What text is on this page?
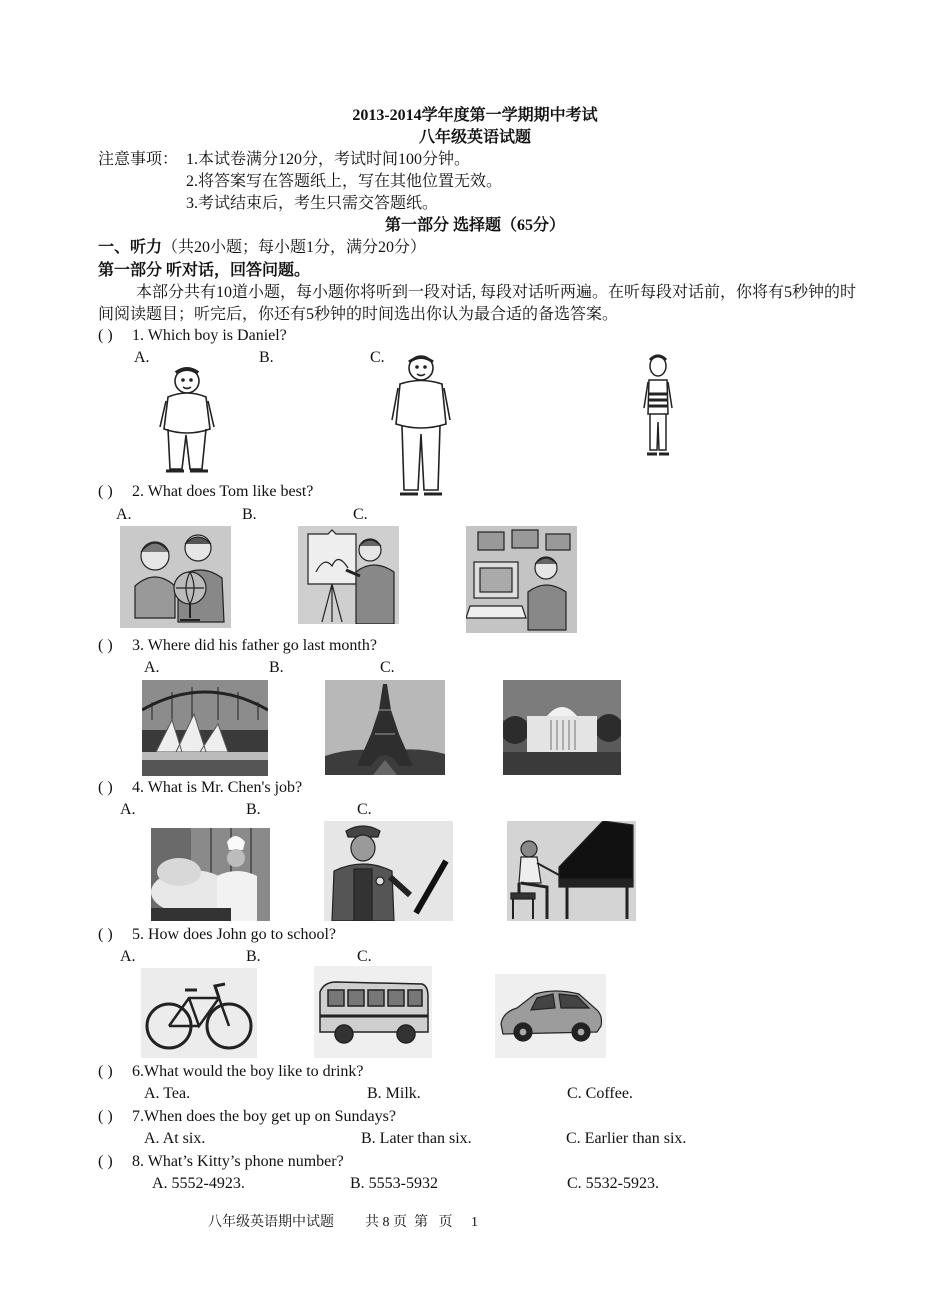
2013-2014学年度第一学期期中考试
八年级英语试题
注意事项： 1.本试卷满分120分，考试时间100分钟。
2.将答案写在答题纸上，写在其他位置无效。
3.考试结束后，考生只需交答题纸。
第一部分 选择题（65分）
一、听力（共20小题；每小题1分，满分20分）
第一部分 听对话，回答问题。
本部分共有10道小题，每小题你将听到一段对话, 每段对话听两遍。在听每段对话前，你将有5秒钟的时间阅读题目；听完后，你还有5秒钟的时间选出你认为最合适的备选答案。
( ) 1. Which boy is Daniel?
A.	B.	C.
( ) 2. What does Tom like best?
A.	B.	C.
( ) 3. Where did his father go last month?
A.	B.	C.
( ) 4. What is Mr. Chen's job?
A.	B.	C.
( ) 5. How does John go to school?
A.	B.	C.
( ) 6.What would the boy like to drink?
A. Tea.	B. Milk.	C. Coffee.
( ) 7.When does the boy get up on Sundays?
A. At six.	B. Later than six.	C. Earlier than six.
( ) 8. What’s Kitty’s phone number?
A. 5552-4923.	B. 5553-5932	C. 5532-5923.
八年级英语期中试题 共 8 页  第   页 1
